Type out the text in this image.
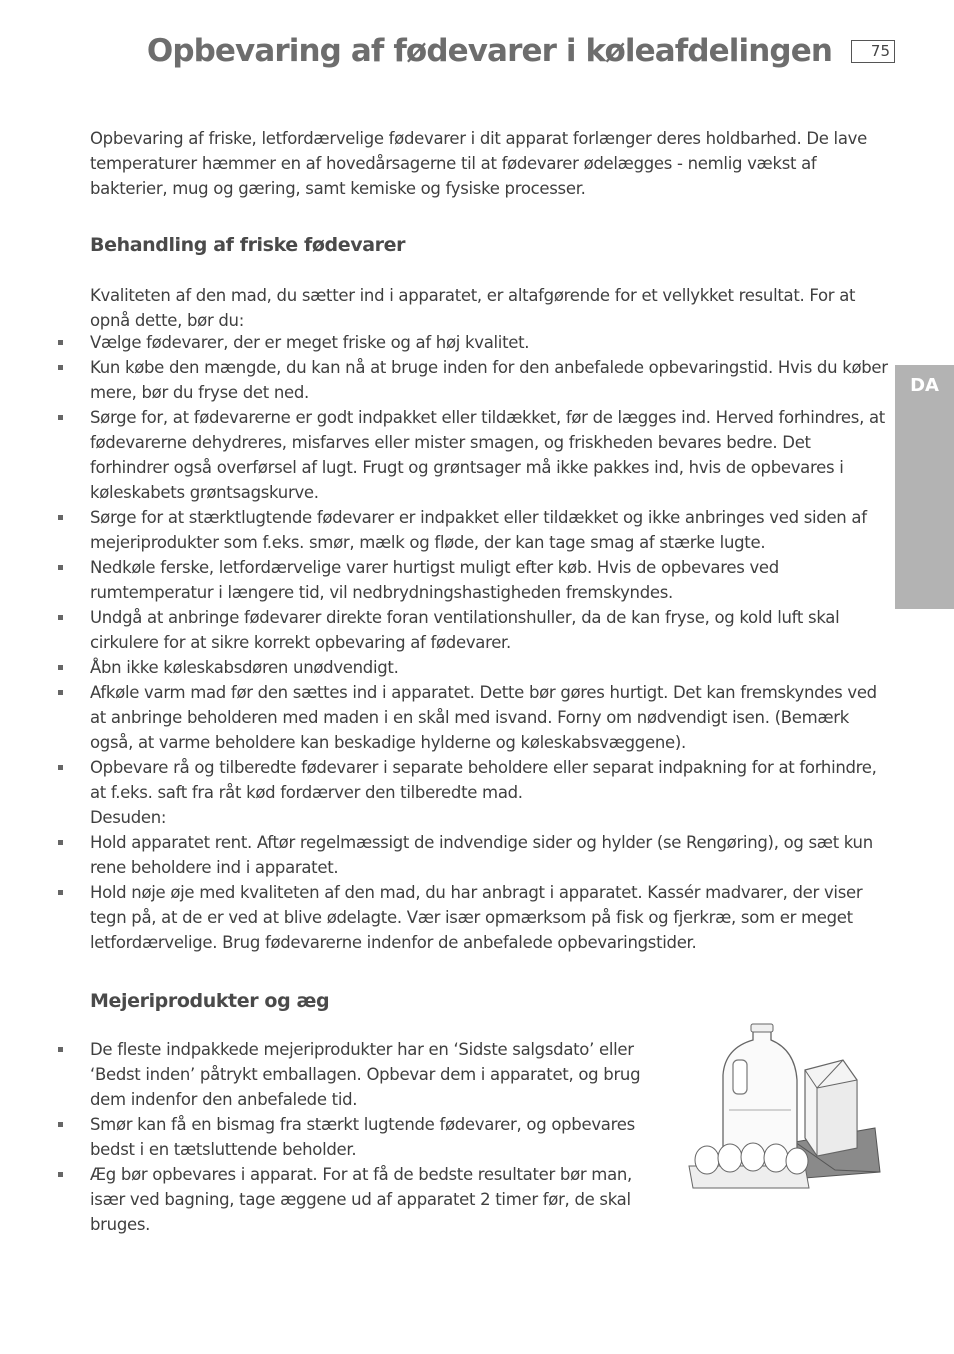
Opbevaring af fødevarer i køleafdelingen	75
DA

Opbevaring af friske, letfordærvelige fødevarer i dit apparat forlænger deres holdbarhed. De lave temperaturer hæmmer en af hovedårsagerne til at fødevarer ødelægges - nemlig vækst af bakterier, mug og gæring, samt kemiske og fysiske processer.

Behandling af friske fødevarer

Kvaliteten af den mad, du sætter ind i apparatet, er altafgørende for et vellykket resultat. For at opnå dette, bør du:

Vælge fødevarer, der er meget friske og af høj kvalitet.
Kun købe den mængde, du kan nå at bruge inden for den anbefalede opbevaringstid. Hvis du køber mere, bør du fryse det ned.
Sørge for, at fødevarerne er godt indpakket eller tildækket, før de lægges ind. Herved forhindres, at fødevarerne dehydreres, misfarves eller mister smagen, og friskheden bevares bedre. Det forhindrer også overførsel af lugt. Frugt og grøntsager må ikke pakkes ind, hvis de opbevares i køleskabets grøntsagskurve.
Sørge for at stærktlugtende fødevarer er indpakket eller tildækket og ikke anbringes ved siden af mejeriprodukter som f.eks. smør, mælk og fløde, der kan tage smag af stærke lugte.
Nedkøle ferske, letfordærvelige varer hurtigst muligt efter køb. Hvis de opbevares ved rumtemperatur i længere tid, vil nedbrydningshastigheden fremskyndes.
Undgå at anbringe fødevarer direkte foran ventilationshuller, da de kan fryse, og kold luft skal cirkulere for at sikre korrekt opbevaring af fødevarer.
Åbn ikke køleskabsdøren unødvendigt.
Afkøle varm mad før den sættes ind i apparatet. Dette bør gøres hurtigt. Det kan fremskyndes ved at anbringe beholderen med maden i en skål med isvand. Forny om nødvendigt isen. (Bemærk også, at varme beholdere kan beskadige hylderne og køleskabsvæggene).
Opbevare rå og tilberedte fødevarer i separate beholdere eller separat indpakning for at forhindre, at f.eks. saft fra råt kød fordærver den tilberedte mad.
Desuden:
Hold apparatet rent. Aftør regelmæssigt de indvendige sider og hylder (se Rengøring), og sæt kun rene beholdere ind i apparatet.
Hold nøje øje med kvaliteten af den mad, du har anbragt i apparatet. Kassér madvarer, der viser tegn på, at de er ved at blive ødelagte. Vær især opmærksom på fisk og fjerkræ, som er meget letfordærvelige. Brug fødevarerne indenfor de anbefalede opbevaringstider.
Mejeriprodukter og æg
De fleste indpakkede mejeriprodukter har en ‘Sidste salgsdato’ eller ‘Bedst inden’ påtrykt emballagen. Opbevar dem i apparatet, og brug dem indenfor den anbefalede tid.
Smør kan få en bismag fra stærkt lugtende fødevarer, og opbevares bedst i en tætsluttende beholder.
Æg bør opbevares i apparat. For at få de bedste resultater bør man, især ved bagning, tage æggene ud af apparatet 2 timer før, de skal bruges.
